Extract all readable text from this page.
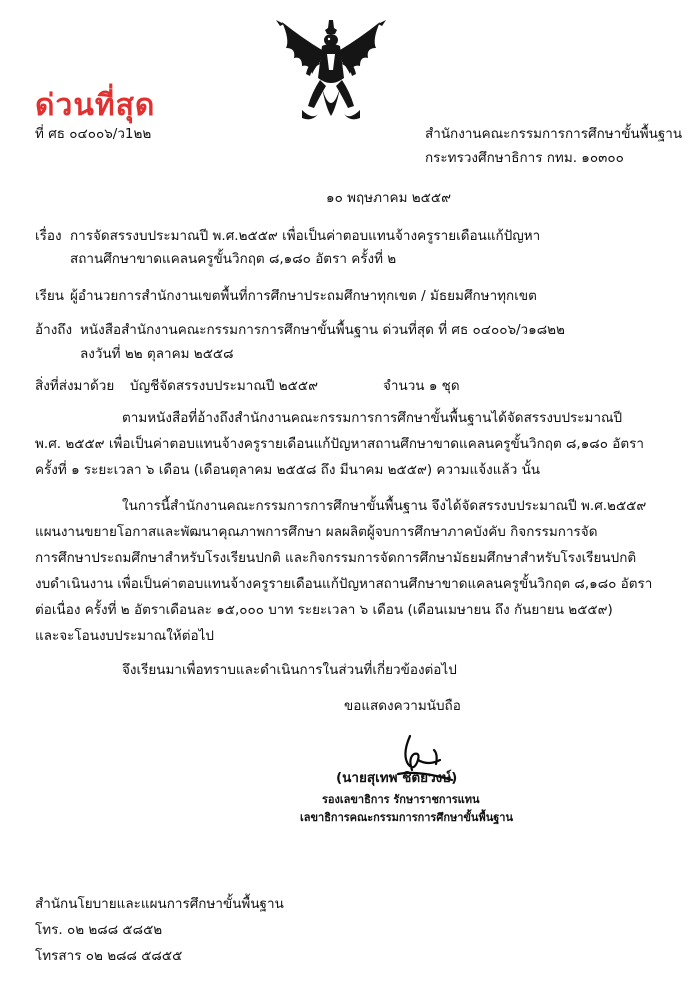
ด่วนที่สุด
ที่ ศธ ๐๔๐๐๖/ว1๒๒	สำนักงานคณะกรรมการการศึกษาขั้นพื้นฐาน
กระทรวงศึกษาธิการ กทม. ๑๐๓๐๐
๑๐ พฤษภาคม ๒๕๕๙
เรื่อง การจัดสรรงบประมาณปี พ.ศ.๒๕๕๙ เพื่อเป็นค่าตอบแทนจ้างครูรายเดือนแก้ปัญหา
สถานศึกษาขาดแคลนครูขั้นวิกฤต ๘,๑๘๐ อัตรา ครั้งที่ ๒
เรียน ผู้อำนวยการสำนักงานเขตพื้นที่การศึกษาประถมศึกษาทุกเขต / มัธยมศึกษาทุกเขต
อ้างถึง หนังสือสำนักงานคณะกรรมการการศึกษาขั้นพื้นฐาน ด่วนที่สุด ที่ ศธ ๐๔๐๐๖/ว๑๘๒๒
ลงวันที่ ๒๒ ตุลาคม ๒๕๕๘
สิ่งที่ส่งมาด้วย บัญชีจัดสรรงบประมาณปี ๒๕๕๙	จำนวน ๑ ชุด
ตามหนังสือที่อ้างถึงสำนักงานคณะกรรมการการศึกษาขั้นพื้นฐานได้จัดสรรงบประมาณปี
พ.ศ. ๒๕๕๙ เพื่อเป็นค่าตอบแทนจ้างครูรายเดือนแก้ปัญหาสถานศึกษาขาดแคลนครูขั้นวิกฤต ๘,๑๘๐ อัตรา
ครั้งที่ ๑ ระยะเวลา ๖ เดือน (เดือนตุลาคม ๒๕๕๘ ถึง มีนาคม ๒๕๕๙) ความแจ้งแล้ว นั้น
ในการนี้สำนักงานคณะกรรมการการศึกษาขั้นพื้นฐาน จึงได้จัดสรรงบประมาณปี พ.ศ.๒๕๕๙
แผนงานขยายโอกาสและพัฒนาคุณภาพการศึกษา ผลผลิตผู้จบการศึกษาภาคบังคับ กิจกรรมการจัด
การศึกษาประถมศึกษาสำหรับโรงเรียนปกติ และกิจกรรมการจัดการศึกษามัธยมศึกษาสำหรับโรงเรียนปกติ
งบดำเนินงาน เพื่อเป็นค่าตอบแทนจ้างครูรายเดือนแก้ปัญหาสถานศึกษาขาดแคลนครูขั้นวิกฤต ๘,๑๘๐ อัตรา
ต่อเนื่อง ครั้งที่ ๒ อัตราเดือนละ ๑๕,๐๐๐ บาท ระยะเวลา ๖ เดือน (เดือนเมษายน ถึง กันยายน ๒๕๕๙)
และจะโอนงบประมาณให้ต่อไป
จึงเรียนมาเพื่อทราบและดำเนินการในส่วนที่เกี่ยวข้องต่อไป
ขอแสดงความนับถือ
(นายสุเทพ ชิตยวงษ์)
รองเลขาธิการ รักษาราชการแทน
เลขาธิการคณะกรรมการการศึกษาขั้นพื้นฐาน
สำนักนโยบายและแผนการศึกษาขั้นพื้นฐาน
โทร. ๐๒ ๒๘๘ ๕๘๕๒
โทรสาร ๐๒ ๒๘๘ ๕๘๕๕
